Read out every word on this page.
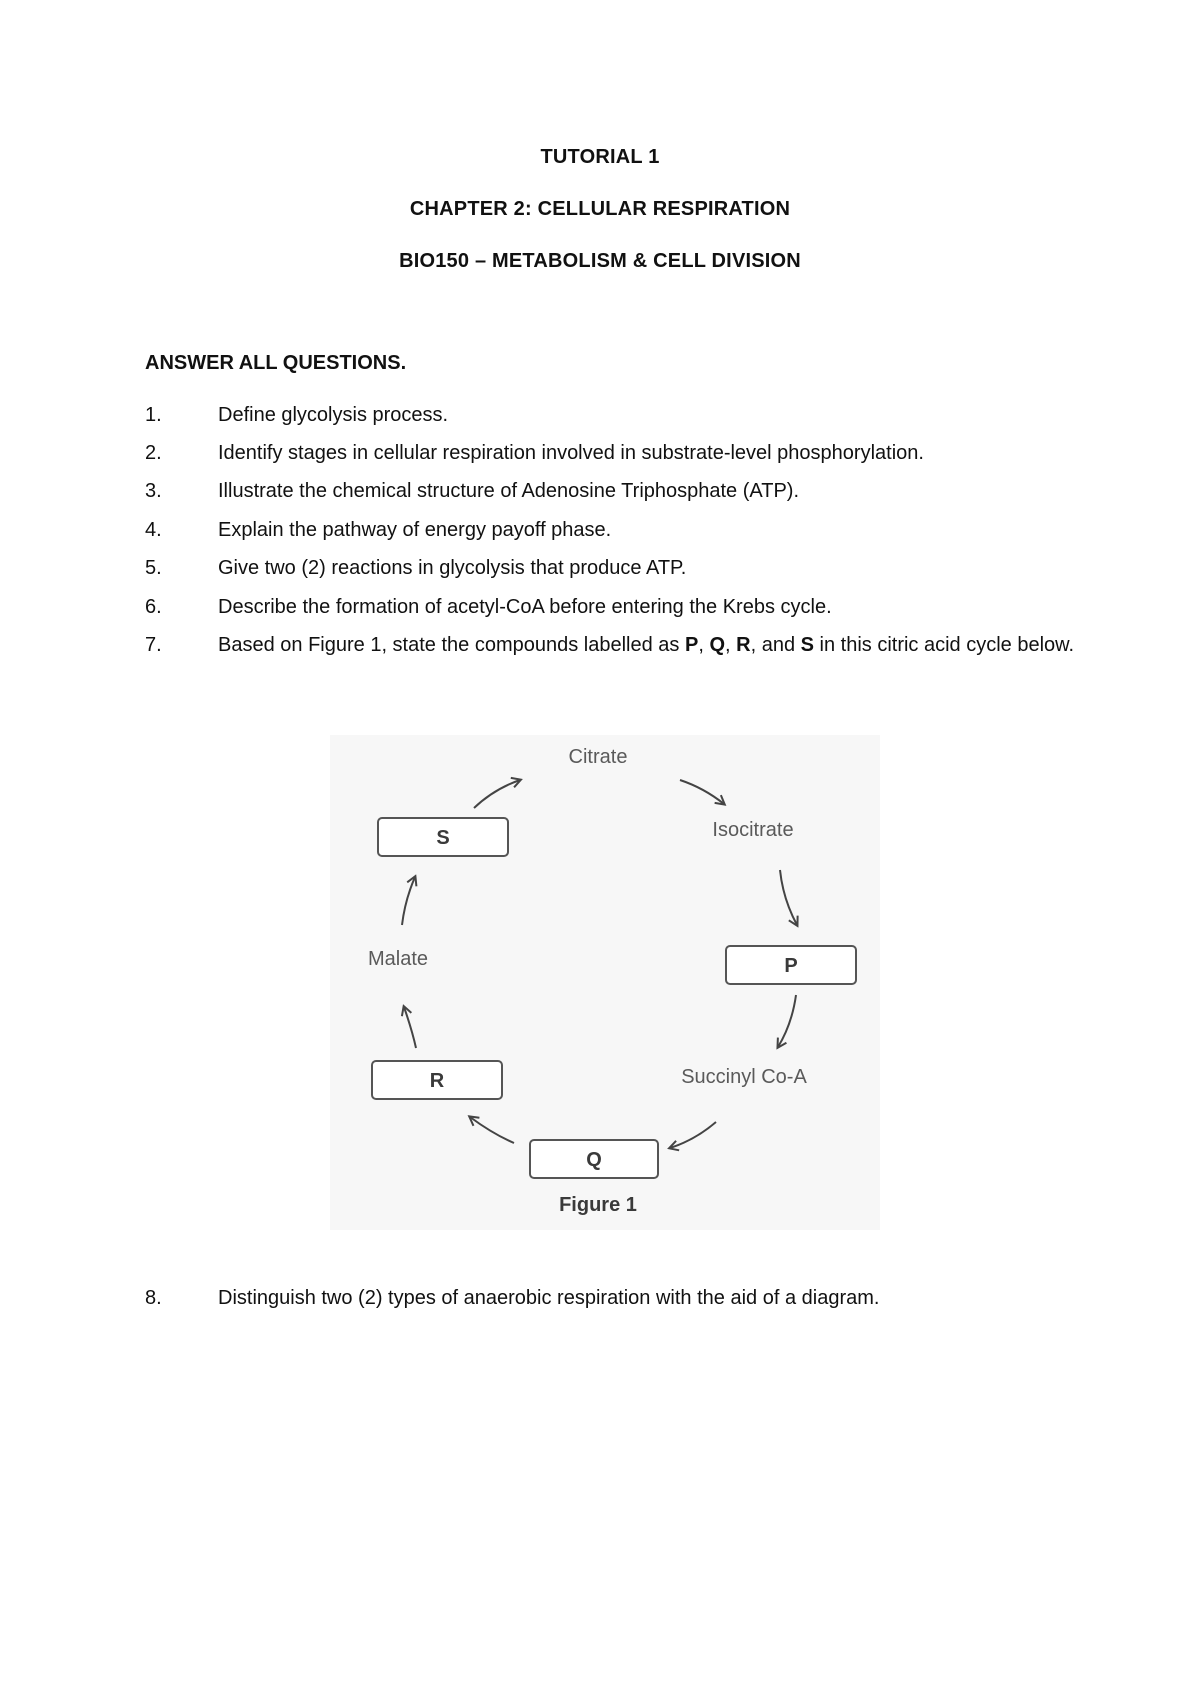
TUTORIAL 1
CHAPTER 2: CELLULAR RESPIRATION
BIO150 – METABOLISM & CELL DIVISION
ANSWER ALL QUESTIONS.
1.	Define glycolysis process.
2.	Identify stages in cellular respiration involved in substrate-level phosphorylation.
3.	Illustrate the chemical structure of Adenosine Triphosphate (ATP).
4.	Explain the pathway of energy payoff phase.
5.	Give two (2) reactions in glycolysis that produce ATP.
6.	Describe the formation of acetyl-CoA before entering the Krebs cycle.
7.	Based on Figure 1, state the compounds labelled as P, Q, R, and S in this citric acid cycle below.
Citrate
Isocitrate
P
Succinyl Co-A
Q
R
Malate
S
Figure 1
8.	Distinguish two (2) types of anaerobic respiration with the aid of a diagram.
